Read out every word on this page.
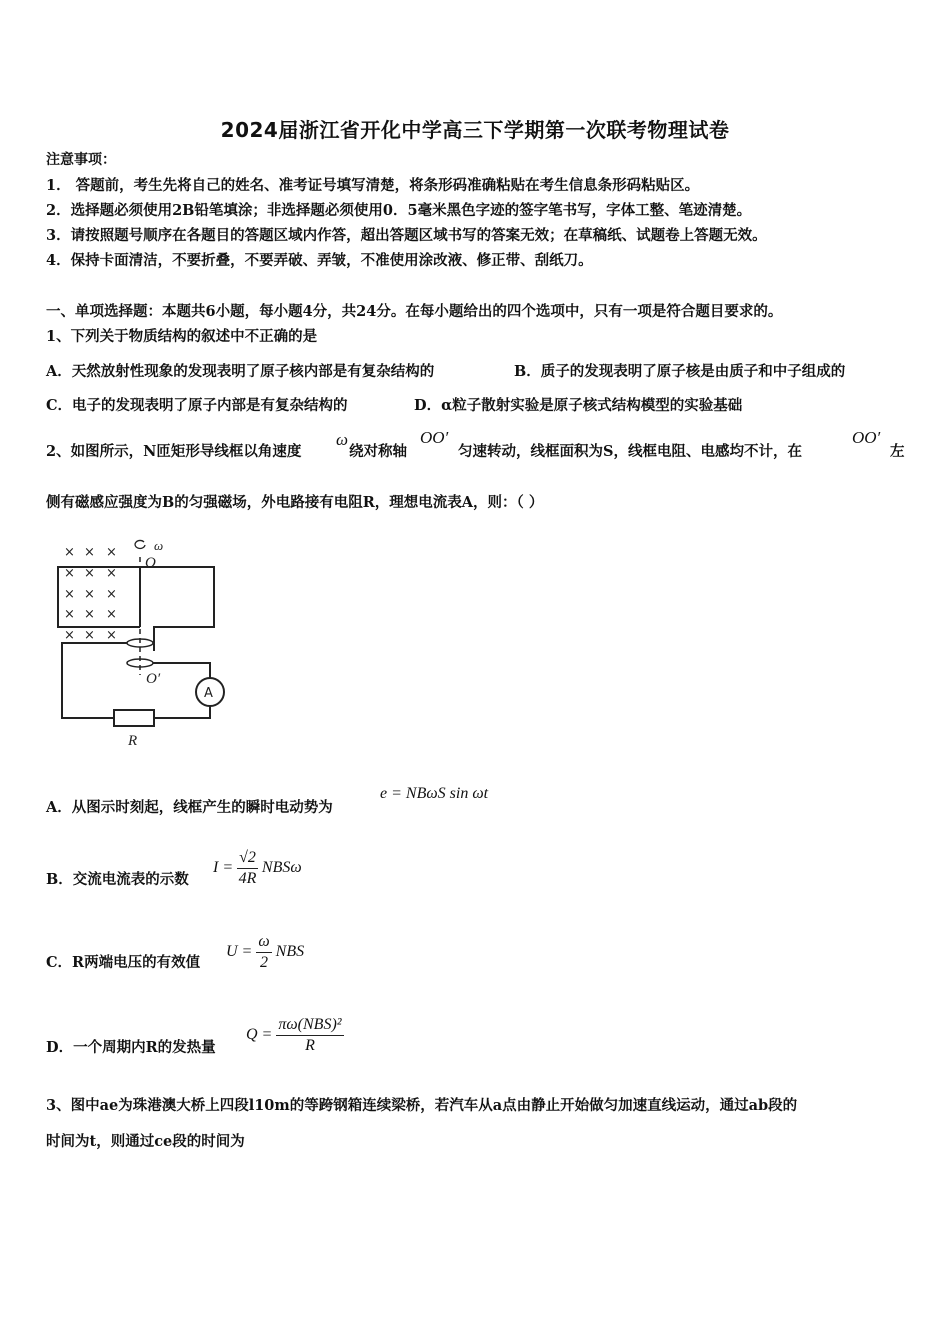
2024届浙江省开化中学高三下学期第一次联考物理试卷
注意事项：
1． 答题前，考生先将自己的姓名、准考证号填写清楚，将条形码准确粘贴在考生信息条形码粘贴区。
2．选择题必须使用2B铅笔填涂；非选择题必须使用0．5毫米黑色字迹的签字笔书写，字体工整、笔迹清楚。
3．请按照题号顺序在各题目的答题区域内作答，超出答题区域书写的答案无效；在草稿纸、试题卷上答题无效。
4．保持卡面清洁，不要折叠，不要弄破、弄皱，不准使用涂改液、修正带、刮纸刀。
一、单项选择题：本题共6小题，每小题4分，共24分。在每小题给出的四个选项中，只有一项是符合题目要求的。
1、下列关于物质结构的叙述中不正确的是
A．天然放射性现象的发现表明了原子核内部是有复杂结构的	B．质子的发现表明了原子核是由质子和中子组成的
C．电子的发现表明了原子内部是有复杂结构的	D．α粒子散射实验是原子核式结构模型的实验基础
2、如图所示，N匝矩形导线框以角速度
ω
绕对称轴
OO′
匀速转动，线框面积为S，线框电阻、电感均不计，在
OO′
左
侧有磁感应强度为B的匀强磁场，外电路接有电阻R，理想电流表A，则：（ ）
× × ×
× × ×
× × ×
× × ×
× × ×
A
R
ω
O
O′
A．从图示时刻起，线框产生的瞬时电动势为
e = NBωS sin ωt
B．交流电流表的示数
$I = \frac{√2}{4R}$ NBSω
C．R两端电压的有效值
$U = \frac{\omega}{2}$ NBS
D．一个周期内R的发热量
$Q = \frac{\text{πω(NBS)²}}{R}$
3、图中ae为珠港澳大桥上四段l10m的等跨钢箱连续梁桥，若汽车从a点由静止开始做匀加速直线运动，通过ab段的
时间为t，则通过ce段的时间为
